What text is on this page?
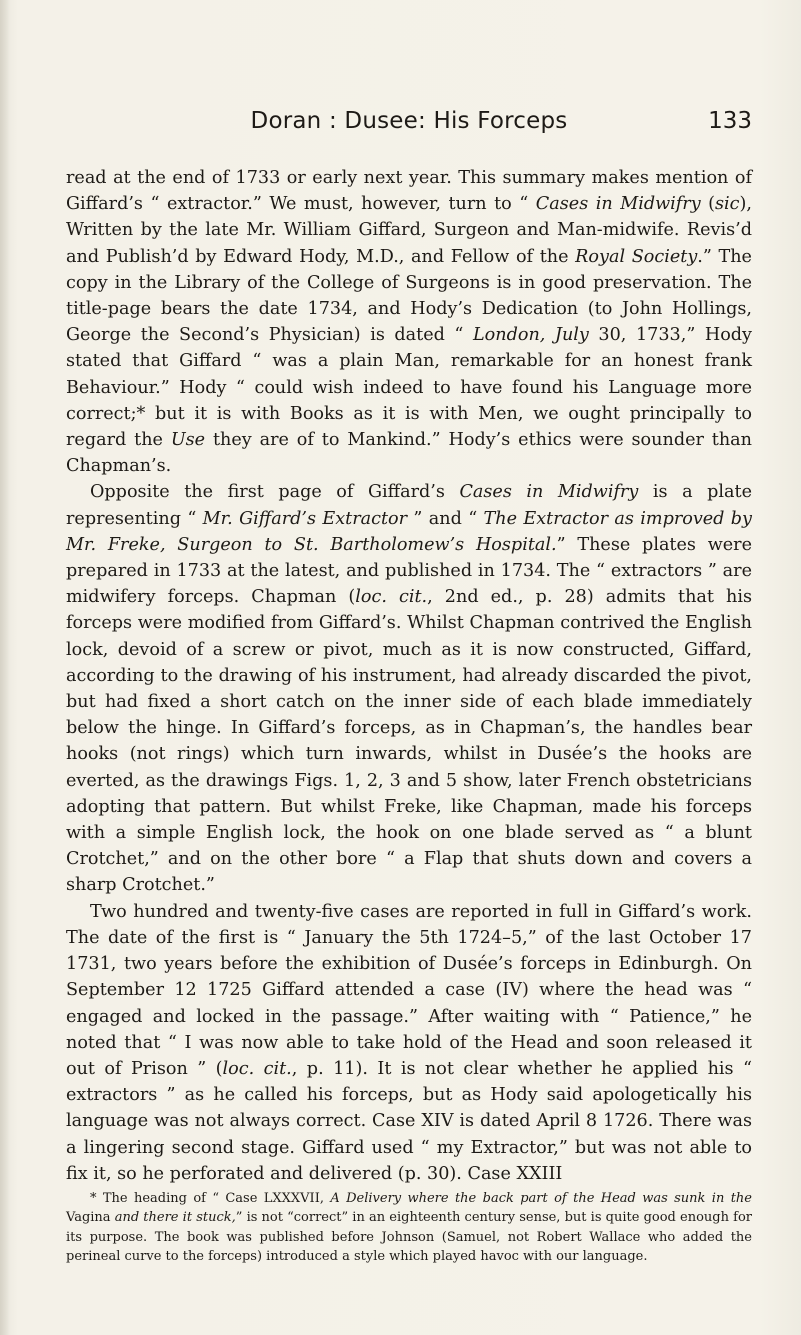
Doran : Dusee: His Forceps	133

read at the end of 1733 or early next year. This summary makes mention of Giffard’s “ extractor.” We must, however, turn to “ Cases in Midwifry (sic), Written by the late Mr. William Giffard, Surgeon and Man-midwife. Revis’d and Publish’d by Edward Hody, M.D., and Fellow of the Royal Society.” The copy in the Library of the College of Surgeons is in good preservation. The title-page bears the date 1734, and Hody’s Dedication (to John Hollings, George the Second’s Physician) is dated “ London, July 30, 1733,” Hody stated that Giffard “ was a plain Man, remarkable for an honest frank Behaviour.” Hody “ could wish indeed to have found his Language more correct;* but it is with Books as it is with Men, we ought principally to regard the Use they are of to Mankind.” Hody’s ethics were sounder than Chapman’s.

Opposite the first page of Giffard’s Cases in Midwifry is a plate representing “ Mr. Giffard’s Extractor ” and “ The Extractor as improved by Mr. Freke, Surgeon to St. Bartholomew’s Hospital.” These plates were prepared in 1733 at the latest, and published in 1734. The “ extractors ” are midwifery forceps. Chapman (loc. cit., 2nd ed., p. 28) admits that his forceps were modified from Giffard’s. Whilst Chapman contrived the English lock, devoid of a screw or pivot, much as it is now constructed, Giffard, according to the drawing of his instrument, had already discarded the pivot, but had fixed a short catch on the inner side of each blade immediately below the hinge. In Giffard’s forceps, as in Chapman’s, the handles bear hooks (not rings) which turn inwards, whilst in Dusée’s the hooks are everted, as the drawings Figs. 1, 2, 3 and 5 show, later French obstetricians adopting that pattern. But whilst Freke, like Chapman, made his forceps with a simple English lock, the hook on one blade served as “ a blunt Crotchet,” and on the other bore “ a Flap that shuts down and covers a sharp Crotchet.”

Two hundred and twenty-five cases are reported in full in Giffard’s work. The date of the first is “ January the 5th 1724–5,” of the last October 17 1731, two years before the exhibition of Dusée’s forceps in Edinburgh. On September 12 1725 Giffard attended a case (IV) where the head was “ engaged and locked in the passage.” After waiting with “ Patience,” he noted that “ I was now able to take hold of the Head and soon released it out of Prison ” (loc. cit., p. 11). It is not clear whether he applied his “ extractors ” as he called his forceps, but as Hody said apologetically his language was not always correct. Case XIV is dated April 8 1726. There was a lingering second stage. Giffard used “ my Extractor,” but was not able to fix it, so he perforated and delivered (p. 30). Case XXIII

* The heading of “ Case LXXXVII, A Delivery where the back part of the Head was sunk in the Vagina and there it stuck,” is not “correct” in an eighteenth century sense, but is quite good enough for its purpose. The book was published before Johnson (Samuel, not Robert Wallace who added the perineal curve to the forceps) introduced a style which played havoc with our language.
